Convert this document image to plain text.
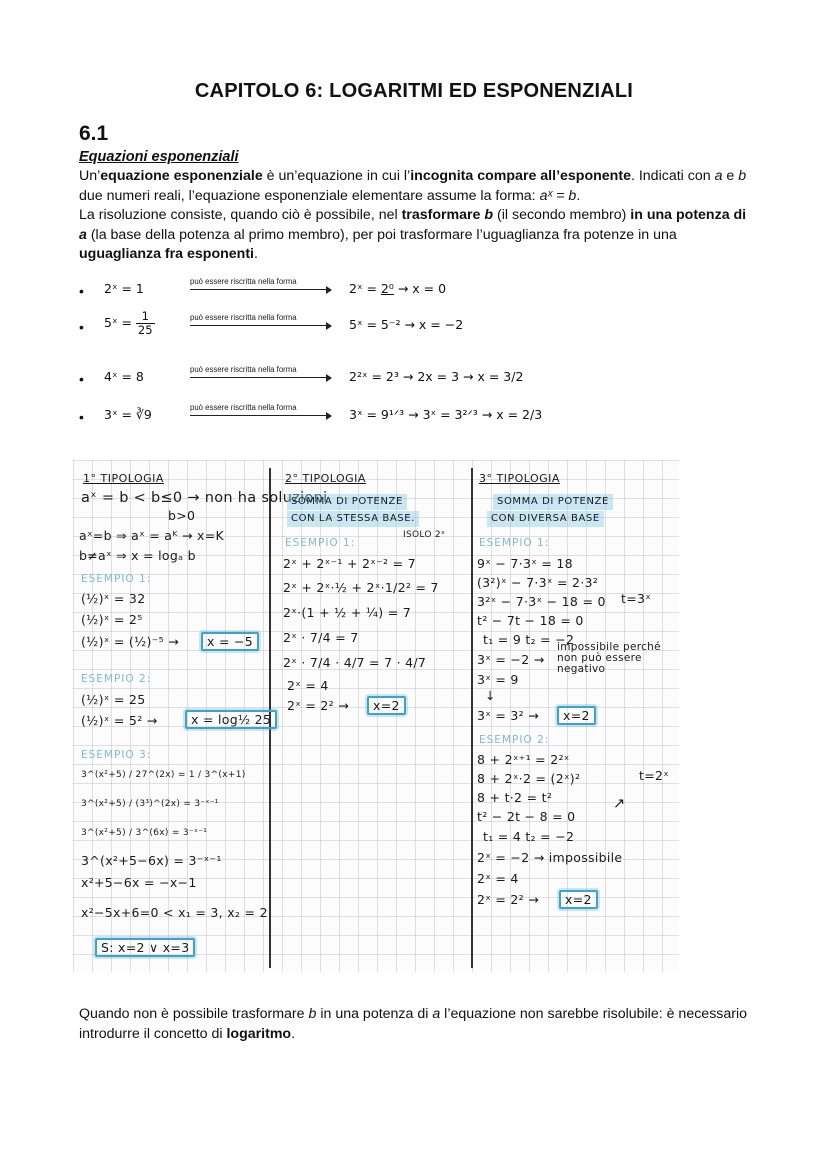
CAPITOLO 6: LOGARITMI ED ESPONENZIALI
6.1
Equazioni esponenziali

Un’equazione esponenziale è un’equazione in cui l’incognita compare all’esponente. Indicati con a e b due numeri reali, l’equazione esponenziale elementare assume la forma: aˣ = b.

La risoluzione consiste, quando ciò è possibile, nel trasformare b (il secondo membro) in una potenza di a (la base della potenza al primo membro), per poi trasformare l’uguaglianza fra potenze in una uguaglianza fra esponenti.

• 2ˣ = 1	può essere riscritta nella forma	2ˣ = 2⁰ → x = 0
• 5ˣ = $\frac{1}{25}$	può essere riscritta nella forma	5ˣ = 5⁻² → x = −2
• 4ˣ = 8	può essere riscritta nella forma	2²ˣ = 2³ → 2x = 3 → x = 3/2
• 3ˣ = ∛9	può essere riscritta nella forma	3ˣ = 9¹ᐟ³ → 3ˣ = 3²ᐟ³ → x = 2/3
1° TIPOLOGIA
aˣ = b < b≤0 → non ha soluzioni
b>0
aˣ=b ⇒ aˣ = aᴷ → x=K
b≠aˣ ⇒ x = logₐ b
ESEMPIO 1:
(½)ˣ = 32
(½)ˣ = 2⁵
(½)ˣ = (½)⁻⁵ →	x = −5
ESEMPIO 2:
(½)ˣ = 25
(½)ˣ = 5² →	x = log½ 25
ESEMPIO 3:
3^(x²+5) / 27^(2x) = 1 / 3^(x+1)
3^(x²+5) / (3³)^(2x) = 3⁻ˣ⁻¹
3^(x²+5) / 3^(6x) = 3⁻ˣ⁻¹
3^(x²+5−6x) = 3⁻ˣ⁻¹
x²+5−6x = −x−1
x²−5x+6=0 < x₁ = 3, x₂ = 2
S: x=2 ∨ x=3
2° TIPOLOGIA
SOMMA DI POTENZE
CON LA STESSA BASE.
ESEMPIO 1:
ISOLO 2ˣ
2ˣ + 2ˣ⁻¹ + 2ˣ⁻² = 7
2ˣ + 2ˣ·½ + 2ˣ·1/2² = 7
2ˣ·(1 + ½ + ¼) = 7
2ˣ · 7/4 = 7
2ˣ · 7/4 · 4/7 = 7 · 4/7
2ˣ = 4
2ˣ = 2² →	x=2
3° TIPOLOGIA
SOMMA DI POTENZE
CON DIVERSA BASE
ESEMPIO 1:
9ˣ − 7·3ˣ = 18
(3²)ˣ − 7·3ˣ = 2·3²
3²ˣ − 7·3ˣ − 18 = 0 t=3ˣ
t² − 7t − 18 = 0
t₁ = 9 t₂ = −2
3ˣ = −2 →
impossibile perché non può essere negativo
3ˣ = 9
↓
3ˣ = 3² →	x=2
ESEMPIO 2:
8 + 2ˣ⁺¹ = 2²ˣ
8 + 2ˣ·2 = (2ˣ)²	t=2ˣ
8 + t·2 = t²
t² − 2t − 8 = 0
t₁ = 4 t₂ = −2
2ˣ = −2 → impossibile
2ˣ = 4
2ˣ = 2² →	x=2
↗

Quando non è possibile trasformare b in una potenza di a l’equazione non sarebbe risolubile: è necessario introdurre il concetto di logaritmo.
